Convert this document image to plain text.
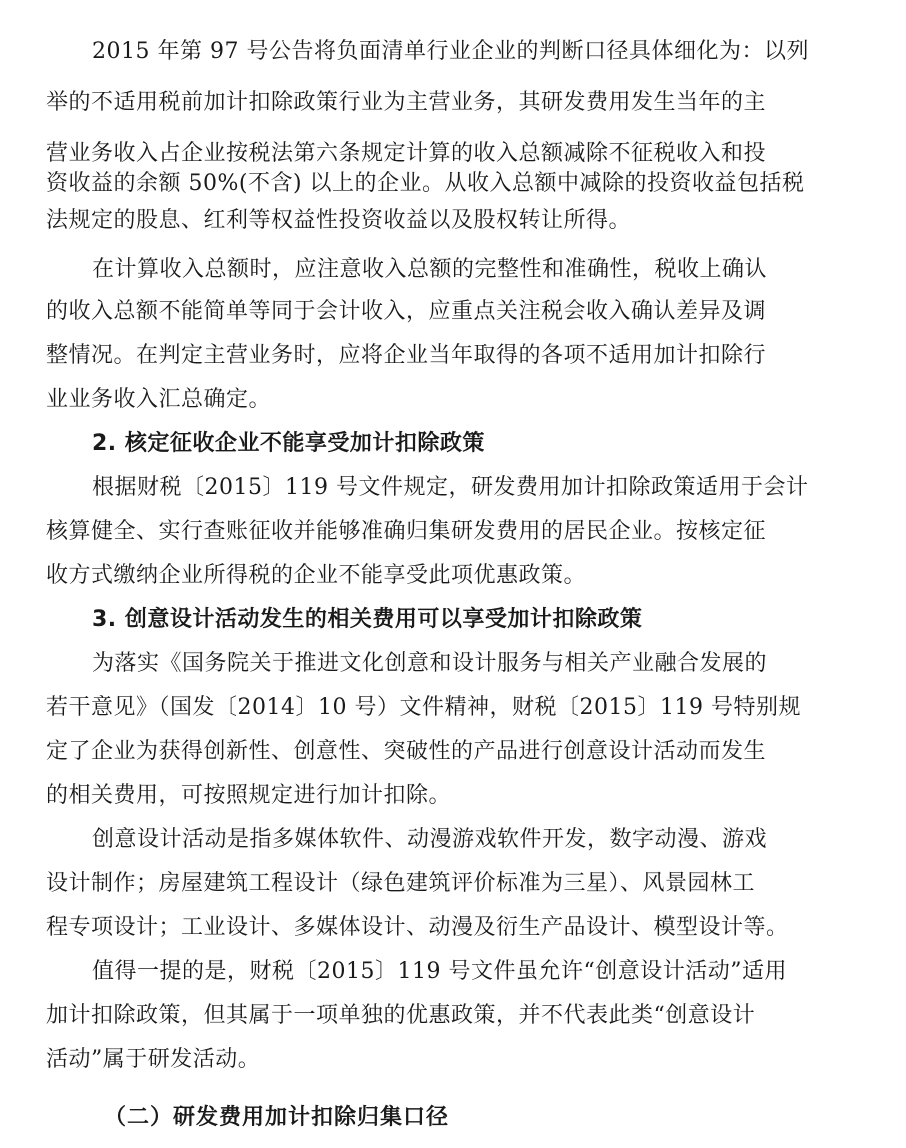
2015 年第 97 号公告将负面清单行业企业的判断口径具体细化为：以列
举的不适用税前加计扣除政策行业为主营业务，其研发费用发生当年的主
营业务收入占企业按税法第六条规定计算的收入总额减除不征税收入和投
资收益的余额 50%(不含) 以上的企业。从收入总额中减除的投资收益包括税
法规定的股息、红利等权益性投资收益以及股权转让所得。
在计算收入总额时，应注意收入总额的完整性和准确性，税收上确认
的收入总额不能简单等同于会计收入，应重点关注税会收入确认差异及调
整情况。在判定主营业务时，应将企业当年取得的各项不适用加计扣除行
业业务收入汇总确定。
2. 核定征收企业不能享受加计扣除政策
根据财税〔2015〕119 号文件规定，研发费用加计扣除政策适用于会计
核算健全、实行查账征收并能够准确归集研发费用的居民企业。按核定征
收方式缴纳企业所得税的企业不能享受此项优惠政策。
3. 创意设计活动发生的相关费用可以享受加计扣除政策
为落实《国务院关于推进文化创意和设计服务与相关产业融合发展的
若干意见》（国发〔2014〕10 号）文件精神，财税〔2015〕119 号特别规
定了企业为获得创新性、创意性、突破性的产品进行创意设计活动而发生
的相关费用，可按照规定进行加计扣除。
创意设计活动是指多媒体软件、动漫游戏软件开发，数字动漫、游戏
设计制作；房屋建筑工程设计（绿色建筑评价标准为三星）、风景园林工
程专项设计；工业设计、多媒体设计、动漫及衍生产品设计、模型设计等。
值得一提的是，财税〔2015〕119 号文件虽允许“创意设计活动”适用
加计扣除政策，但其属于一项单独的优惠政策，并不代表此类“创意设计
活动”属于研发活动。
（二）研发费用加计扣除归集口径
